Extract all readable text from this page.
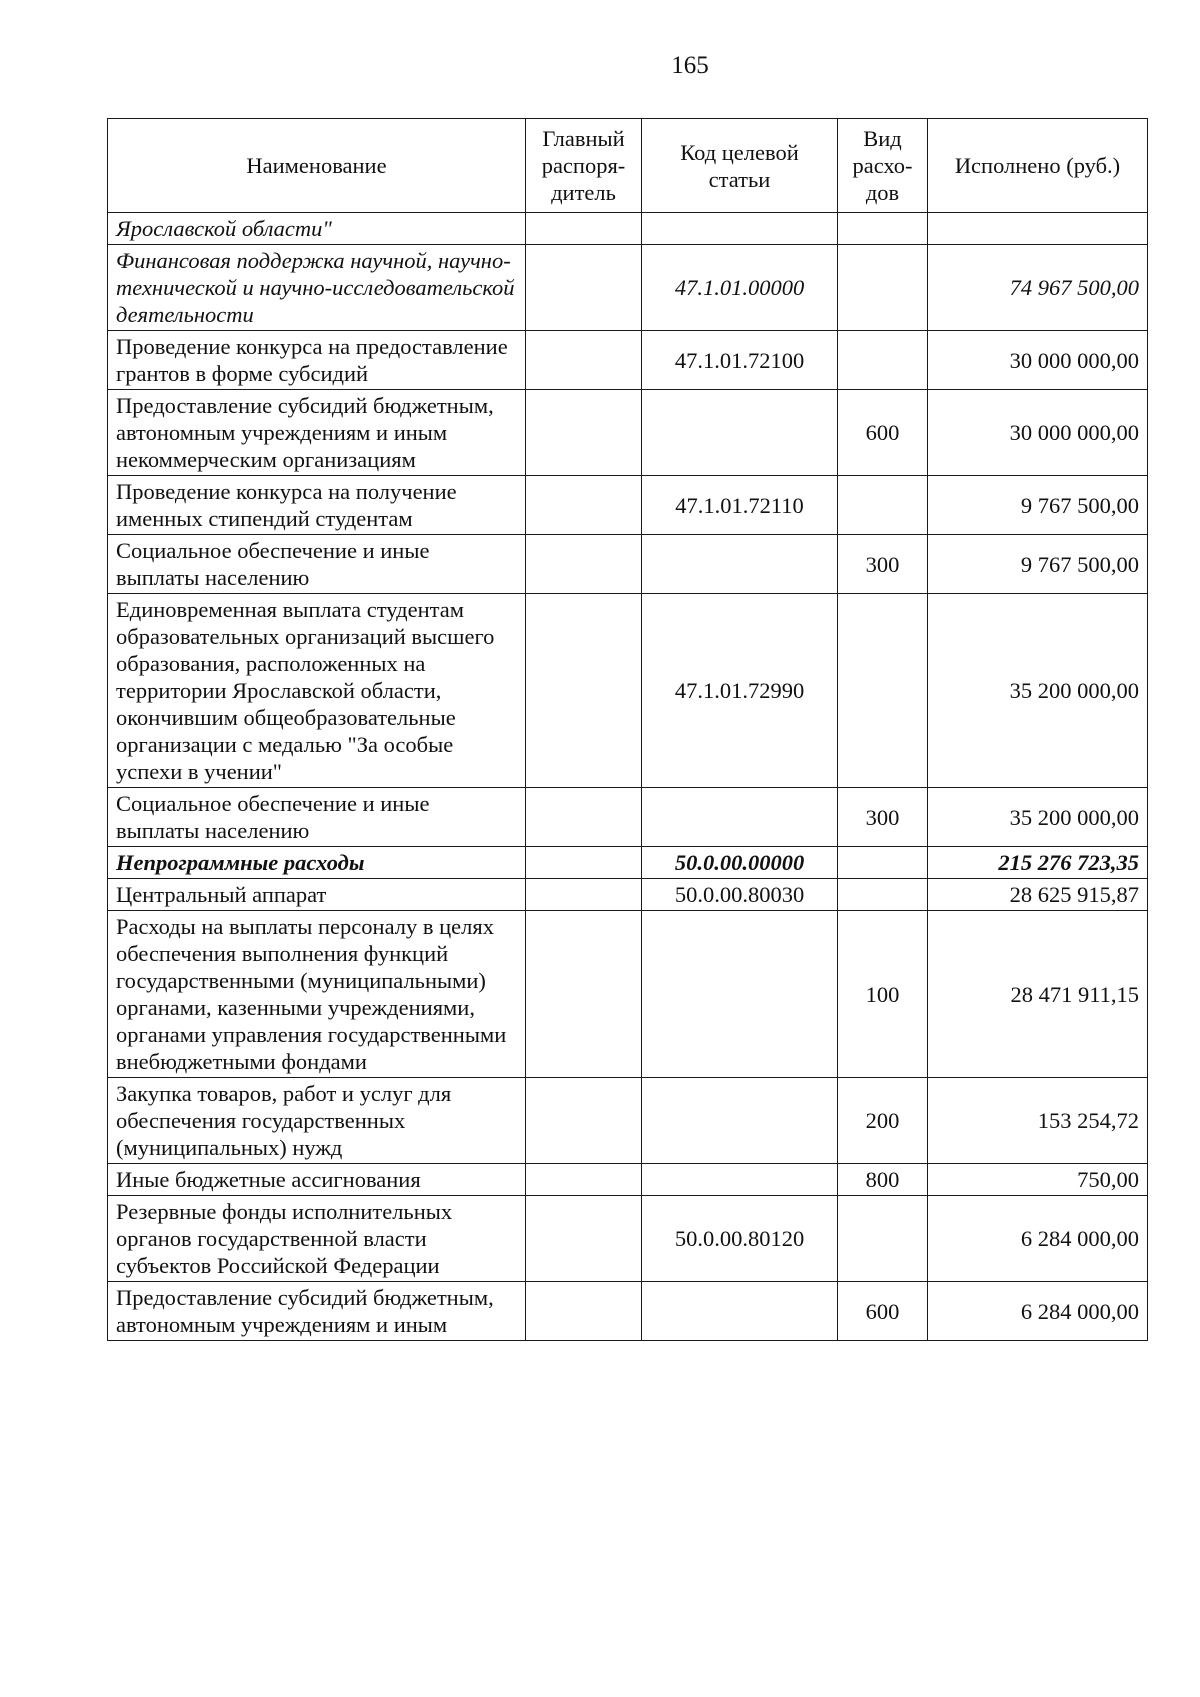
165
Наименование	Главный распоря-дитель	Код целевой статьи	Вид расхо-дов	Исполнено (руб.)
Ярославской области"				
Финансовая поддержка научной, научно-технической и научно-исследовательской деятельности		47.1.01.00000		74 967 500,00
Проведение конкурса на предоставление грантов в форме субсидий		47.1.01.72100		30 000 000,00
Предоставление субсидий бюджетным, автономным учреждениям и иным некоммерческим организациям			600	30 000 000,00
Проведение конкурса на получение именных стипендий студентам		47.1.01.72110		9 767 500,00
Социальное обеспечение и иные выплаты населению			300	9 767 500,00
Единовременная выплата студентам образовательных организаций высшего образования, расположенных на территории Ярославской области, окончившим общеобразовательные организации с медалью "За особые успехи в учении"		47.1.01.72990		35 200 000,00
Социальное обеспечение и иные выплаты населению			300	35 200 000,00
Непрограммные расходы		50.0.00.00000		215 276 723,35
Центральный аппарат		50.0.00.80030		28 625 915,87
Расходы на выплаты персоналу в целях обеспечения выполнения функций государственными (муниципальными) органами, казенными учреждениями, органами управления государственными внебюджетными фондами			100	28 471 911,15
Закупка товаров, работ и услуг для обеспечения государственных (муниципальных) нужд			200	153 254,72
Иные бюджетные ассигнования			800	750,00
Резервные фонды исполнительных органов государственной власти субъектов Российской Федерации		50.0.00.80120		6 284 000,00
Предоставление субсидий бюджетным, автономным учреждениям и иным			600	6 284 000,00
